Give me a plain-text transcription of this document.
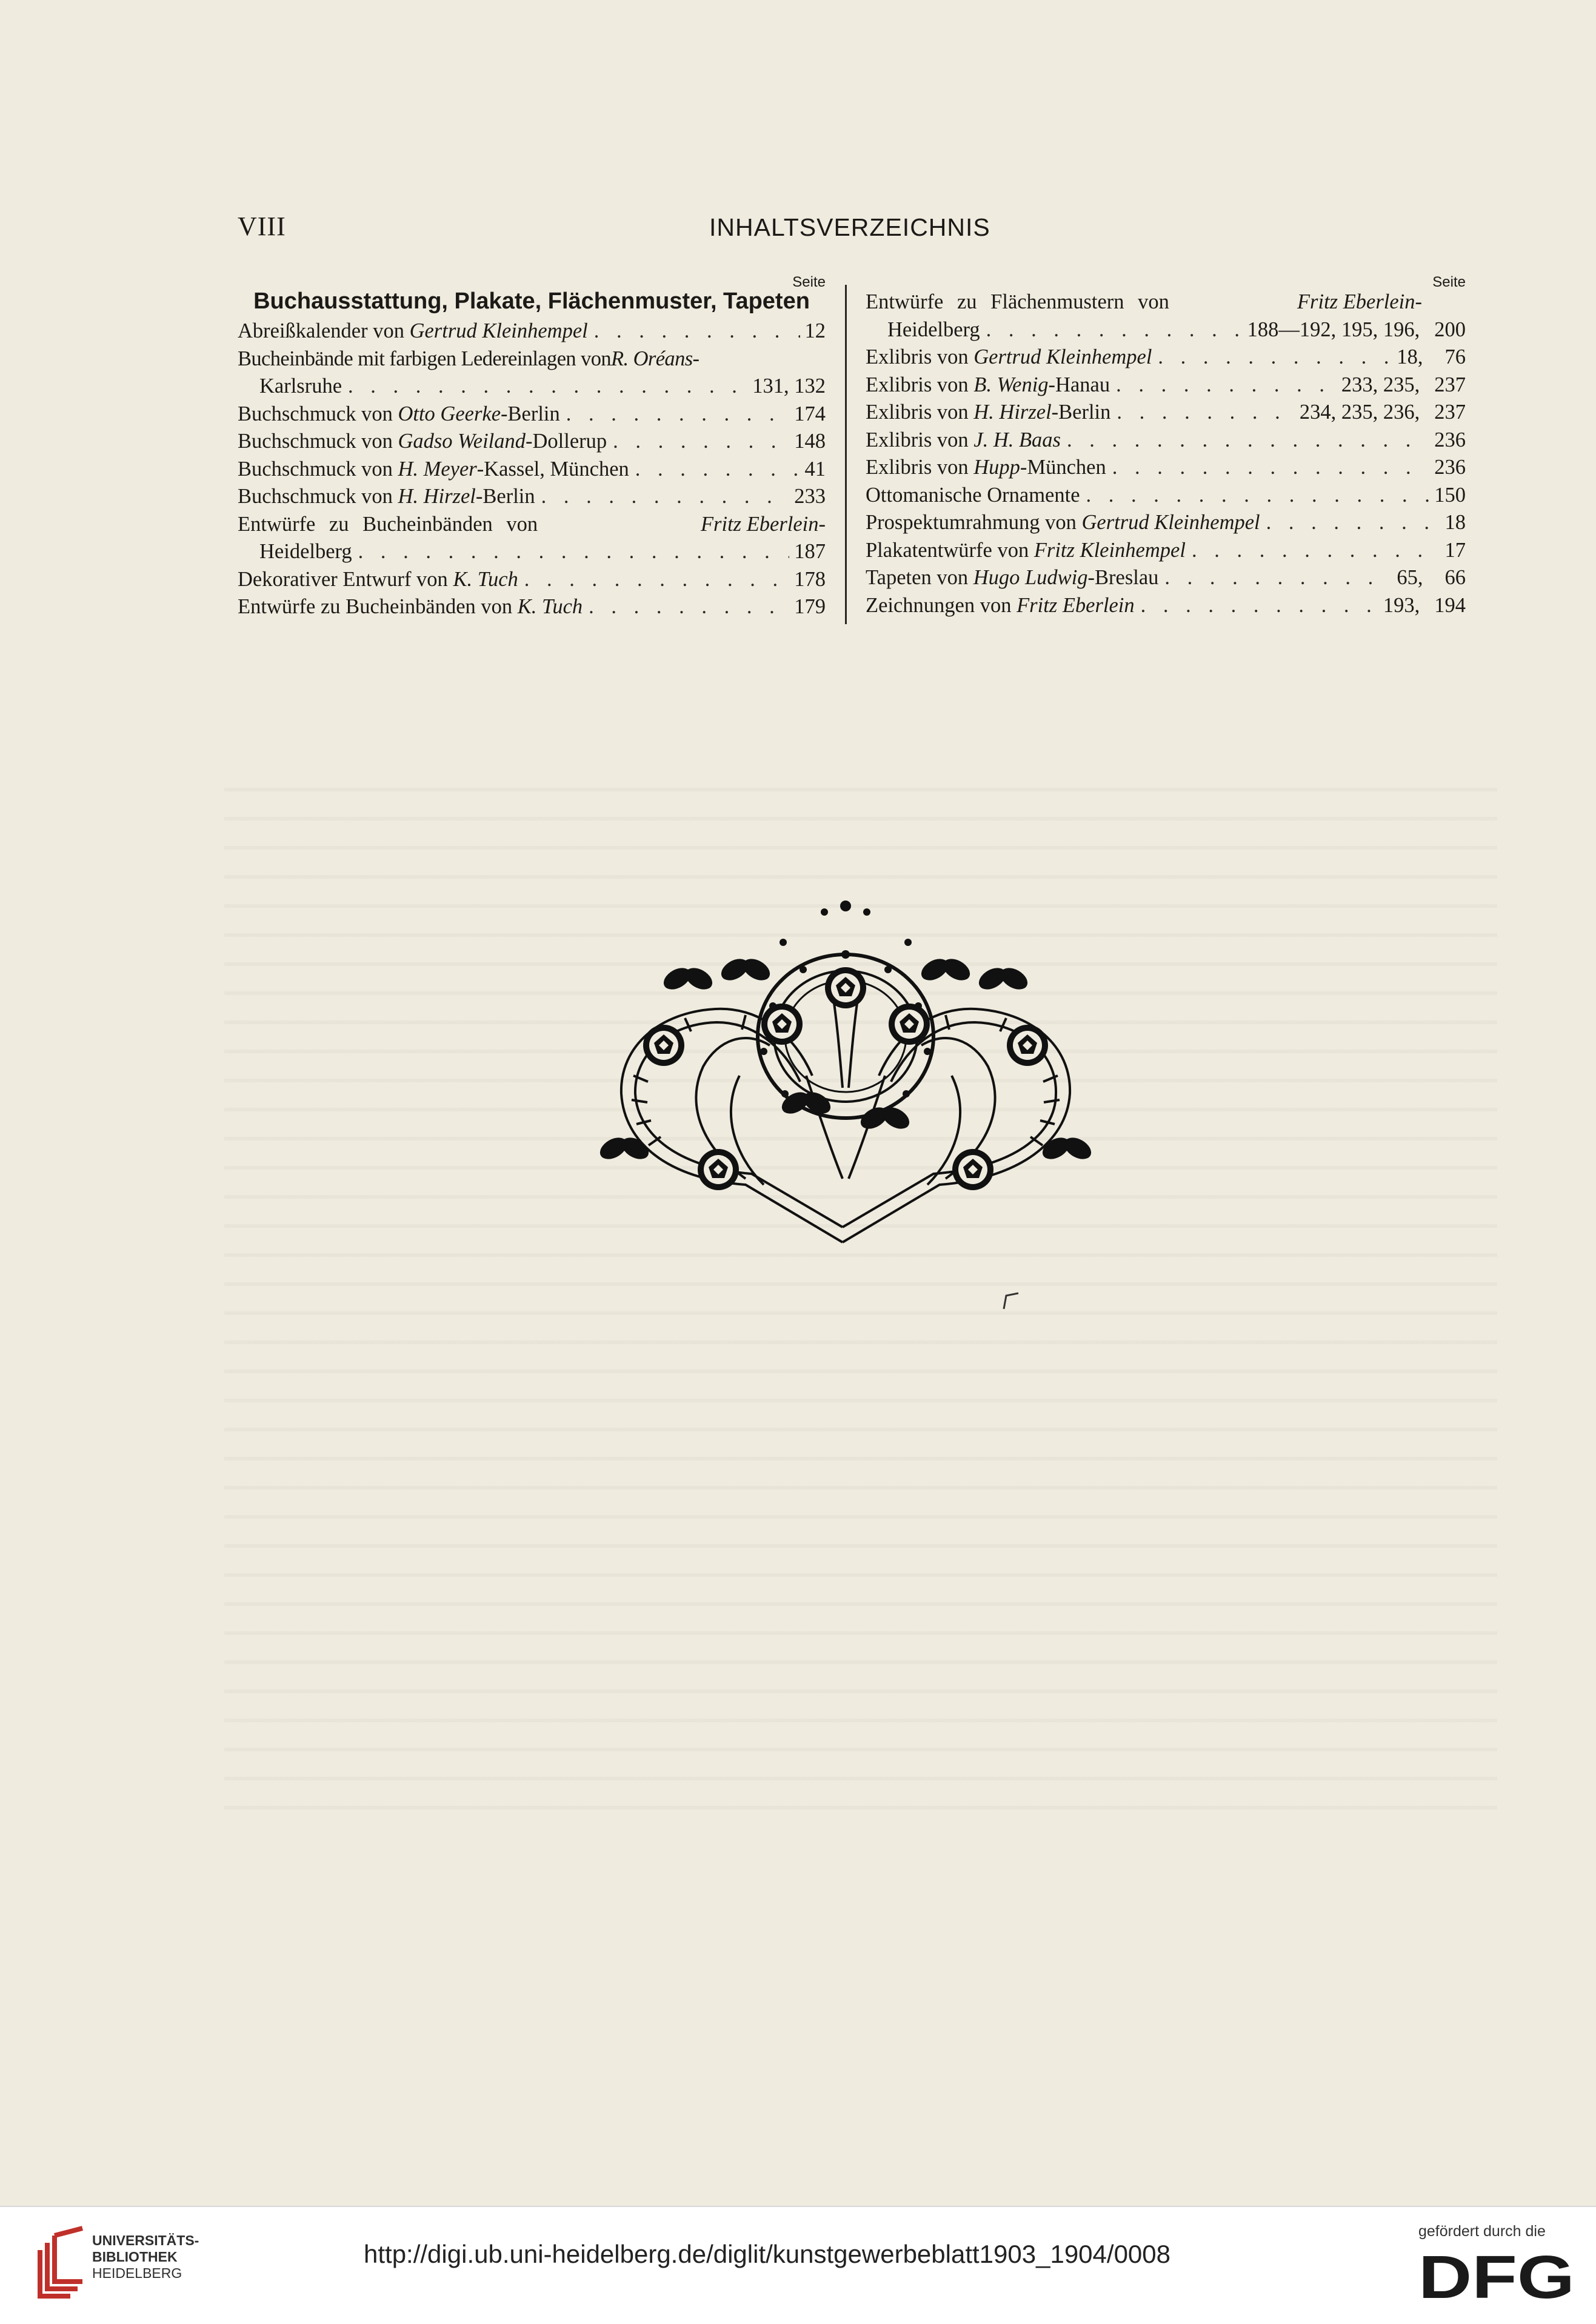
VIII	INHALTSVERZEICHNIS
Seite
Buchausstattung, Plakate, Flächenmuster, Tapeten
Abreißkalender von Gertrud Kleinhempel . . .	12
Bucheinbände mit farbigen Ledereinlagen von R. Oréans-
Karlsruhe . . .	131, 132
Buchschmuck von Otto Geerke-Berlin . . .	174
Buchschmuck von Gadso Weiland-Dollerup . . .	148
Buchschmuck von H. Meyer-Kassel, München . . .	41
Buchschmuck von H. Hirzel-Berlin . . .	233
Entwürfe zu Bucheinbänden von	Fritz Eberlein-
Heidelberg . . .	187
Dekorativer Entwurf von K. Tuch . . .	178
Entwürfe zu Bucheinbänden von K. Tuch . . .	179
Seite
Entwürfe zu Flächenmustern von	Fritz Eberlein-
Heidelberg . . .	188—192, 195, 196, 200
Exlibris von Gertrud Kleinhempel . . .	18, 76
Exlibris von B. Wenig-Hanau . . .	233, 235, 237
Exlibris von H. Hirzel-Berlin . . .	234, 235, 236, 237
Exlibris von J. H. Baas . . .	236
Exlibris von Hupp-München . . .	236
Ottomanische Ornamente . . .	150
Prospektumrahmung von Gertrud Kleinhempel . . .	18
Plakatentwürfe von Fritz Kleinhempel . . .	17
Tapeten von Hugo Ludwig-Breslau . . .	65, 66
Zeichnungen von Fritz Eberlein . . .	193, 194
UNIVERSITÄTS-
BIBLIOTHEK
HEIDELBERG
http://digi.ub.uni-heidelberg.de/diglit/kunstgewerbeblatt1903_1904/0008
gefördert durch die
DFG
